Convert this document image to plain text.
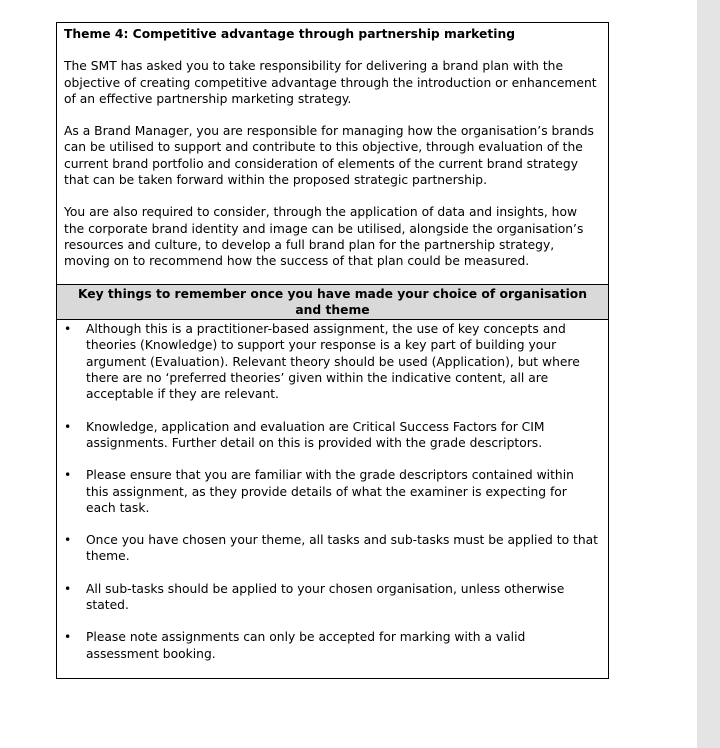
Theme 4: Competitive advantage through partnership marketing

The SMT has asked you to take responsibility for delivering a brand plan with the objective of creating competitive advantage through the introduction or enhancement of an effective partnership marketing strategy.

As a Brand Manager, you are responsible for managing how the organisation’s brands can be utilised to support and contribute to this objective, through evaluation of the current brand portfolio and consideration of elements of the current brand strategy that can be taken forward within the proposed strategic partnership.

You are also required to consider, through the application of data and insights, how the corporate brand identity and image can be utilised, alongside the organisation’s resources and culture, to develop a full brand plan for the partnership strategy, moving on to recommend how the success of that plan could be measured.

Key things to remember once you have made your choice of organisation and theme
• Although this is a practitioner-based assignment, the use of key concepts and theories (Knowledge) to support your response is a key part of building your argument (Evaluation). Relevant theory should be used (Application), but where there are no ‘preferred theories’ given within the indicative content, all are acceptable if they are relevant.
• Knowledge, application and evaluation are Critical Success Factors for CIM assignments. Further detail on this is provided with the grade descriptors.
• Please ensure that you are familiar with the grade descriptors contained within this assignment, as they provide details of what the examiner is expecting for each task.
• Once you have chosen your theme, all tasks and sub-tasks must be applied to that theme.
• All sub-tasks should be applied to your chosen organisation, unless otherwise stated.
• Please note assignments can only be accepted for marking with a valid assessment booking.
